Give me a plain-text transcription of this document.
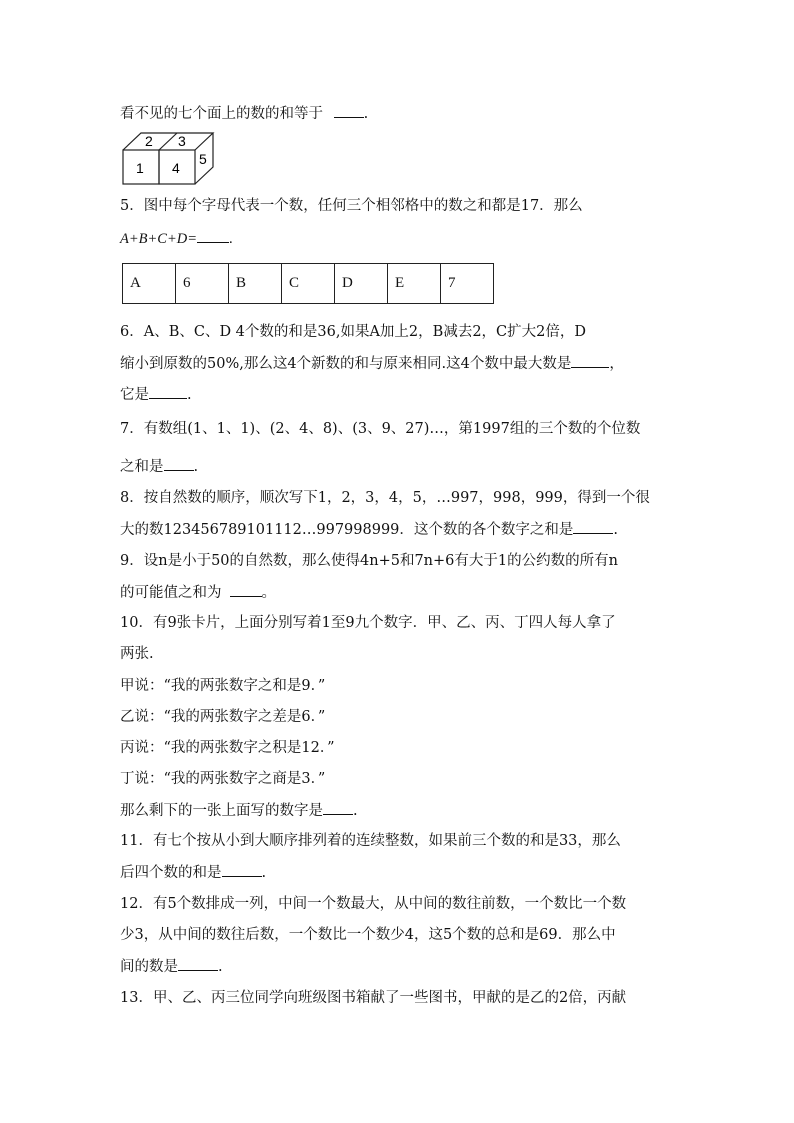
看不见的七个面上的数的和等于	.
2 3
1 4
5
5．图中每个字母代表一个数，任何三个相邻格中的数之和都是17．那么
A+B+C+D= .
A	6	B	C	D	E	7
6．A、B、C、D 4个数的和是36,如果A加上2，B减去2，C扩大2倍，D
缩小到原数的50%,那么这4个新数的和与原来相同.这4个数中最大数是	，
它是	.
7．有数组(1、1、1)、(2、4、8)、(3、9、27)…，第1997组的三个数的个位数
之和是 .
8．按自然数的顺序，顺次写下1，2，3，4，5，…997，998，999，得到一个很
大的数123456789101112…997998999．这个数的各个数字之和是	.
9．设n是小于50的自然数，那么使得4n+5和7n+6有大于1的公约数的所有n
的可能值之和为	。
10．有9张卡片，上面分别写着1至9九个数字．甲、乙、丙、丁四人每人拿了
两张.
甲说：“我的两张数字之和是9．”
乙说：“我的两张数字之差是6．”
丙说：“我的两张数字之积是12．”
丁说：“我的两张数字之商是3．”
那么剩下的一张上面写的数字是 .
11．有七个按从小到大顺序排列着的连续整数，如果前三个数的和是33，那么
后四个数的和是	.
12．有5个数排成一列，中间一个数最大，从中间的数往前数，一个数比一个数
少3，从中间的数往后数，一个数比一个数少4，这5个数的总和是69．那么中
间的数是	.
13．甲、乙、丙三位同学向班级图书箱献了一些图书，甲献的是乙的2倍，丙献
